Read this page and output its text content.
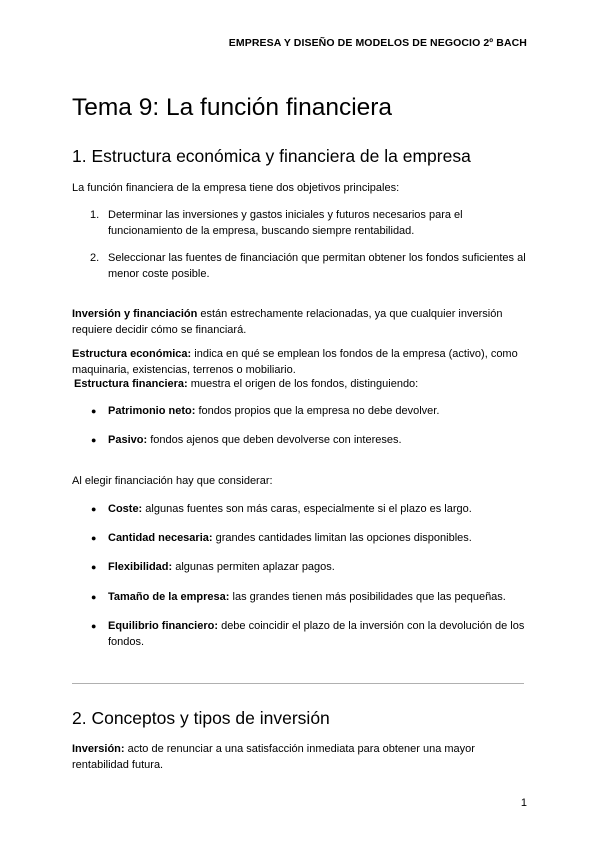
EMPRESA Y DISEÑO DE MODELOS DE NEGOCIO 2º BACH
Tema 9: La función financiera
1. Estructura económica y financiera de la empresa

La función financiera de la empresa tiene dos objetivos principales:

1. Determinar las inversiones y gastos iniciales y futuros necesarios para el funcionamiento de la empresa, buscando siempre rentabilidad.
2. Seleccionar las fuentes de financiación que permitan obtener los fondos suficientes al menor coste posible.

Inversión y financiación están estrechamente relacionadas, ya que cualquier inversión requiere decidir cómo se financiará.

Estructura económica: indica en qué se emplean los fondos de la empresa (activo), como maquinaria, existencias, terrenos o mobiliario.

Estructura financiera: muestra el origen de los fondos, distinguiendo:

● Patrimonio neto: fondos propios que la empresa no debe devolver.
● Pasivo: fondos ajenos que deben devolverse con intereses.

Al elegir financiación hay que considerar:

● Coste: algunas fuentes son más caras, especialmente si el plazo es largo.
● Cantidad necesaria: grandes cantidades limitan las opciones disponibles.
● Flexibilidad: algunas permiten aplazar pagos.
● Tamaño de la empresa: las grandes tienen más posibilidades que las pequeñas.
● Equilibrio financiero: debe coincidir el plazo de la inversión con la devolución de los fondos.
2. Conceptos y tipos de inversión

Inversión: acto de renunciar a una satisfacción inmediata para obtener una mayor rentabilidad futura.

1
